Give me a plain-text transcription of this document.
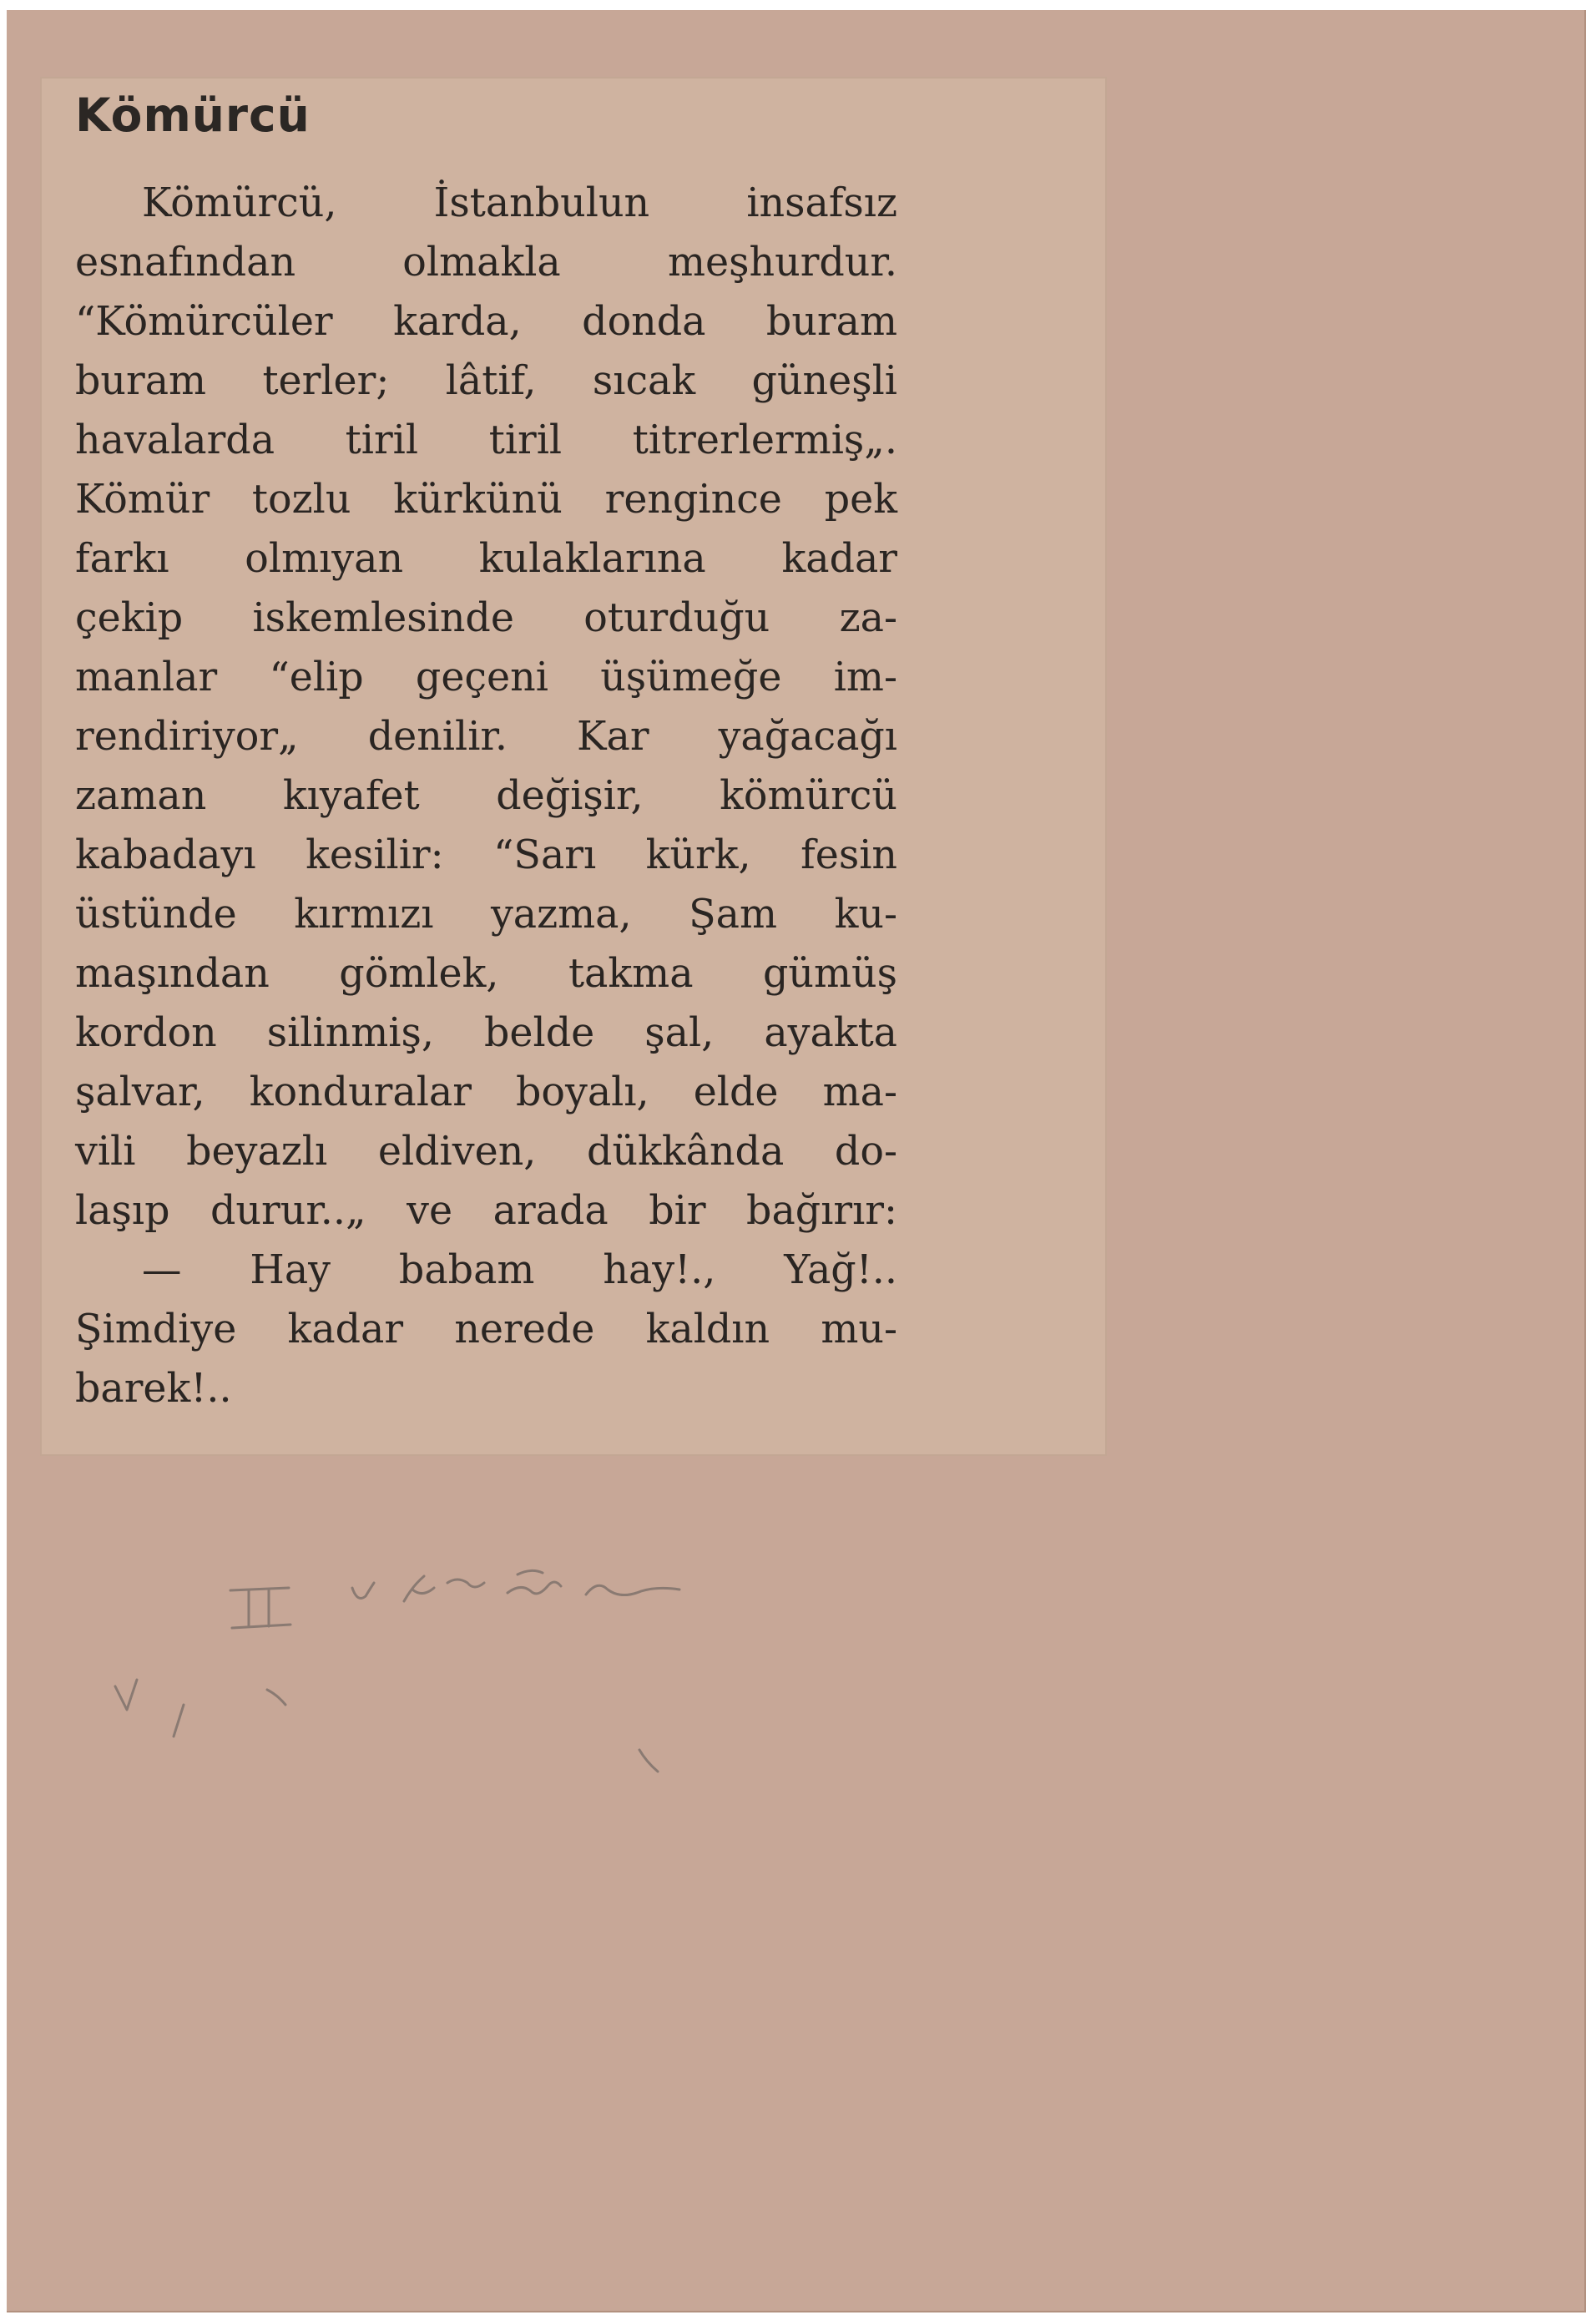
Kömürcü
Kömürcü, İstanbulun insafsız
esnafından olmakla meşhurdur.
“Kömürcüler karda, donda buram
buram terler; lâtif, sıcak güneşli
havalarda tiril tiril titrerlermiş„.
Kömür tozlu kürkünü rengince pek
farkı olmıyan kulaklarına kadar
çekip iskemlesinde oturduğu za-
manlar “elip geçeni üşümeğe im-
rendiriyor„ denilir. Kar yağacağı
zaman kıyafet değişir, kömürcü
kabadayı kesilir: “Sarı kürk, fesin
üstünde kırmızı yazma, Şam ku-
maşından gömlek, takma gümüş
kordon silinmiş, belde şal, ayakta
şalvar, konduralar boyalı, elde ma-
vili beyazlı eldiven, dükkânda do-
laşıp durur..„ ve arada bir bağırır:
— Hay babam hay!., Yağ!..
Şimdiye kadar nerede kaldın mu-
barek!..
